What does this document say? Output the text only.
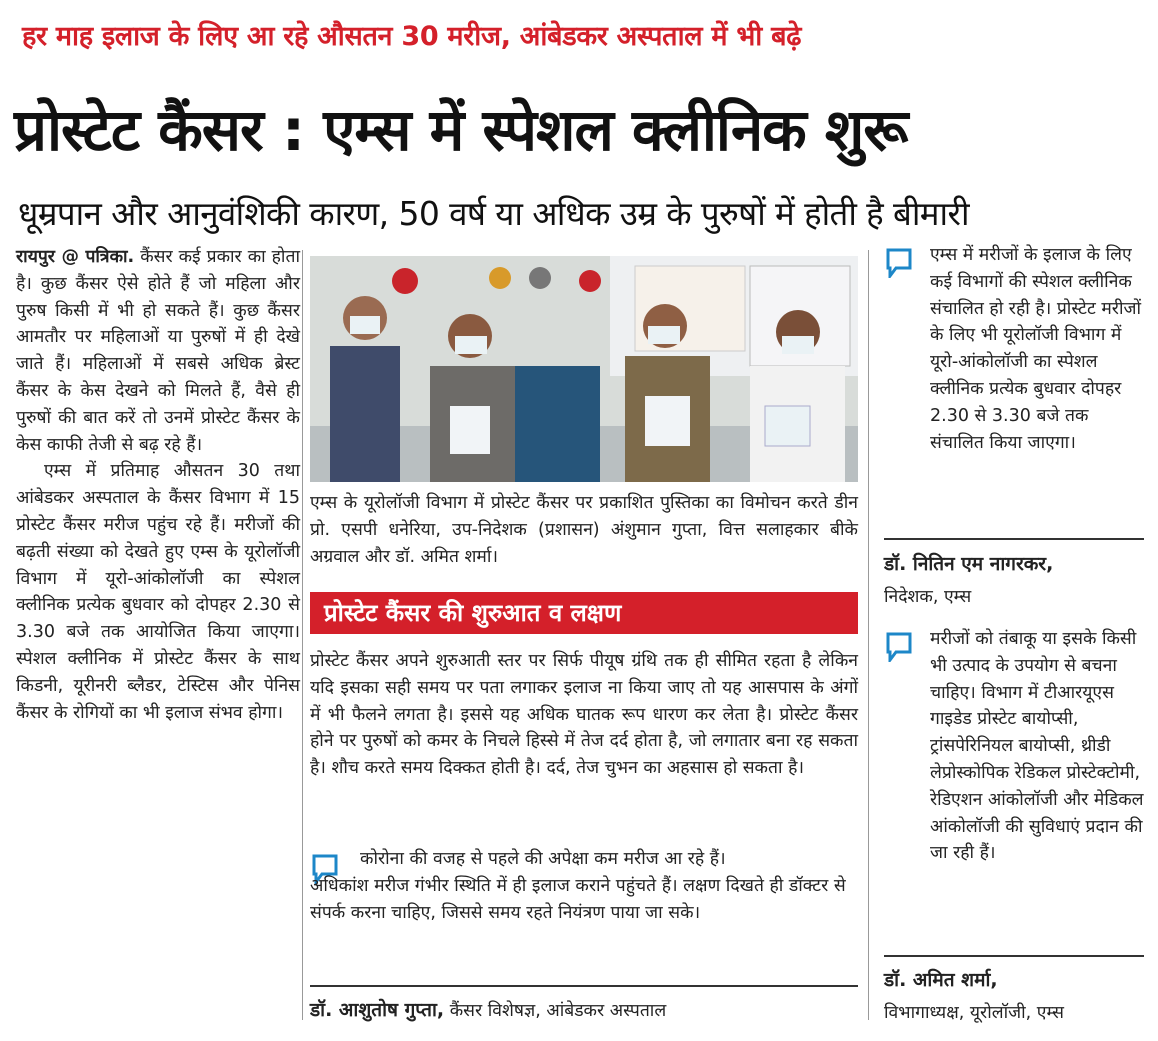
हर माह इलाज के लिए आ रहे औसतन 30 मरीज, आंबेडकर अस्पताल में भी बढ़े
प्रोस्टेट कैंसर : एम्स में स्पेशल क्लीनिक शुरू
धूम्रपान और आनुवंशिकी कारण, 50 वर्ष या अधिक उम्र के पुरुषों में होती है बीमारी

रायपुर @ पत्रिका. कैंसर कई प्रकार का होता है। कुछ कैंसर ऐसे होते हैं जो महिला और पुरुष किसी में भी हो सकते हैं। कुछ कैंसर आमतौर पर महिलाओं या पुरुषों में ही देखे जाते हैं। महिलाओं में सबसे अधिक ब्रेस्ट कैंसर के केस देखने को मिलते हैं, वैसे ही पुरुषों की बात करें तो उनमें प्रोस्टेट कैंसर के केस काफी तेजी से बढ़ रहे हैं।

एम्स में प्रतिमाह औसतन 30 तथा आंबेडकर अस्पताल के कैंसर विभाग में 15 प्रोस्टेट कैंसर मरीज पहुंच रहे हैं। मरीजों की बढ़ती संख्या को देखते हुए एम्स के यूरोलॉजी विभाग में यूरो-आंकोलॉजी का स्पेशल क्लीनिक प्रत्येक बुधवार को दोपहर 2.30 से 3.30 बजे तक आयोजित किया जाएगा। स्पेशल क्लीनिक में प्रोस्टेट कैंसर के साथ किडनी, यूरीनरी ब्लैडर, टेस्टिस और पेनिस कैंसर के रोगियों का भी इलाज संभव होगा।

एम्स के यूरोलॉजी विभाग में प्रोस्टेट कैंसर पर प्रकाशित पुस्तिका का विमोचन करते डीन प्रो. एसपी धनेरिया, उप-निदेशक (प्रशासन) अंशुमान गुप्ता, वित्त सलाहकार बीके अग्रवाल और डॉ. अमित शर्मा।
प्रोस्टेट कैंसर की शुरुआत व लक्षण

प्रोस्टेट कैंसर अपने शुरुआती स्तर पर सिर्फ पीयूष ग्रंथि तक ही सीमित रहता है लेकिन यदि इसका सही समय पर पता लगाकर इलाज ना किया जाए तो यह आसपास के अंगों में भी फैलने लगता है। इससे यह अधिक घातक रूप धारण कर लेता है। प्रोस्टेट कैंसर होने पर पुरुषों को कमर के निचले हिस्से में तेज दर्द होता है, जो लगातार बना रह सकता है। शौच करते समय दिक्कत होती है। दर्द, तेज चुभन का अहसास हो सकता है।

कोरोना की वजह से पहले की अपेक्षा कम मरीज आ रहे हैं।

अधिकांश मरीज गंभीर स्थिति में ही इलाज कराने पहुंचते हैं। लक्षण दिखते ही डॉक्टर से संपर्क करना चाहिए, जिससे समय रहते नियंत्रण पाया जा सके।

डॉ. आशुतोष गुप्ता, कैंसर विशेषज्ञ, आंबेडकर अस्पताल

एम्स में मरीजों के इलाज के लिए कई विभागों की स्पेशल क्लीनिक संचालित हो रही है। प्रोस्टेट मरीजों के लिए भी यूरोलॉजी विभाग में यूरो-आंकोलॉजी का स्पेशल क्लीनिक प्रत्येक बुधवार दोपहर 2.30 से 3.30 बजे तक संचालित किया जाएगा।

डॉ. नितिन एम नागरकर,
निदेशक, एम्स

मरीजों को तंबाकू या इसके किसी भी उत्पाद के उपयोग से बचना चाहिए। विभाग में टीआरयूएस गाइडेड प्रोस्टेट बायोप्सी, ट्रांसपेरिनियल बायोप्सी, थ्रीडी लेप्रोस्कोपिक रेडिकल प्रोस्टेक्टोमी, रेडिएशन आंकोलॉजी और मेडिकल आंकोलॉजी की सुविधाएं प्रदान की जा रही हैं।

डॉ. अमित शर्मा,
विभागाध्यक्ष, यूरोलॉजी, एम्स
